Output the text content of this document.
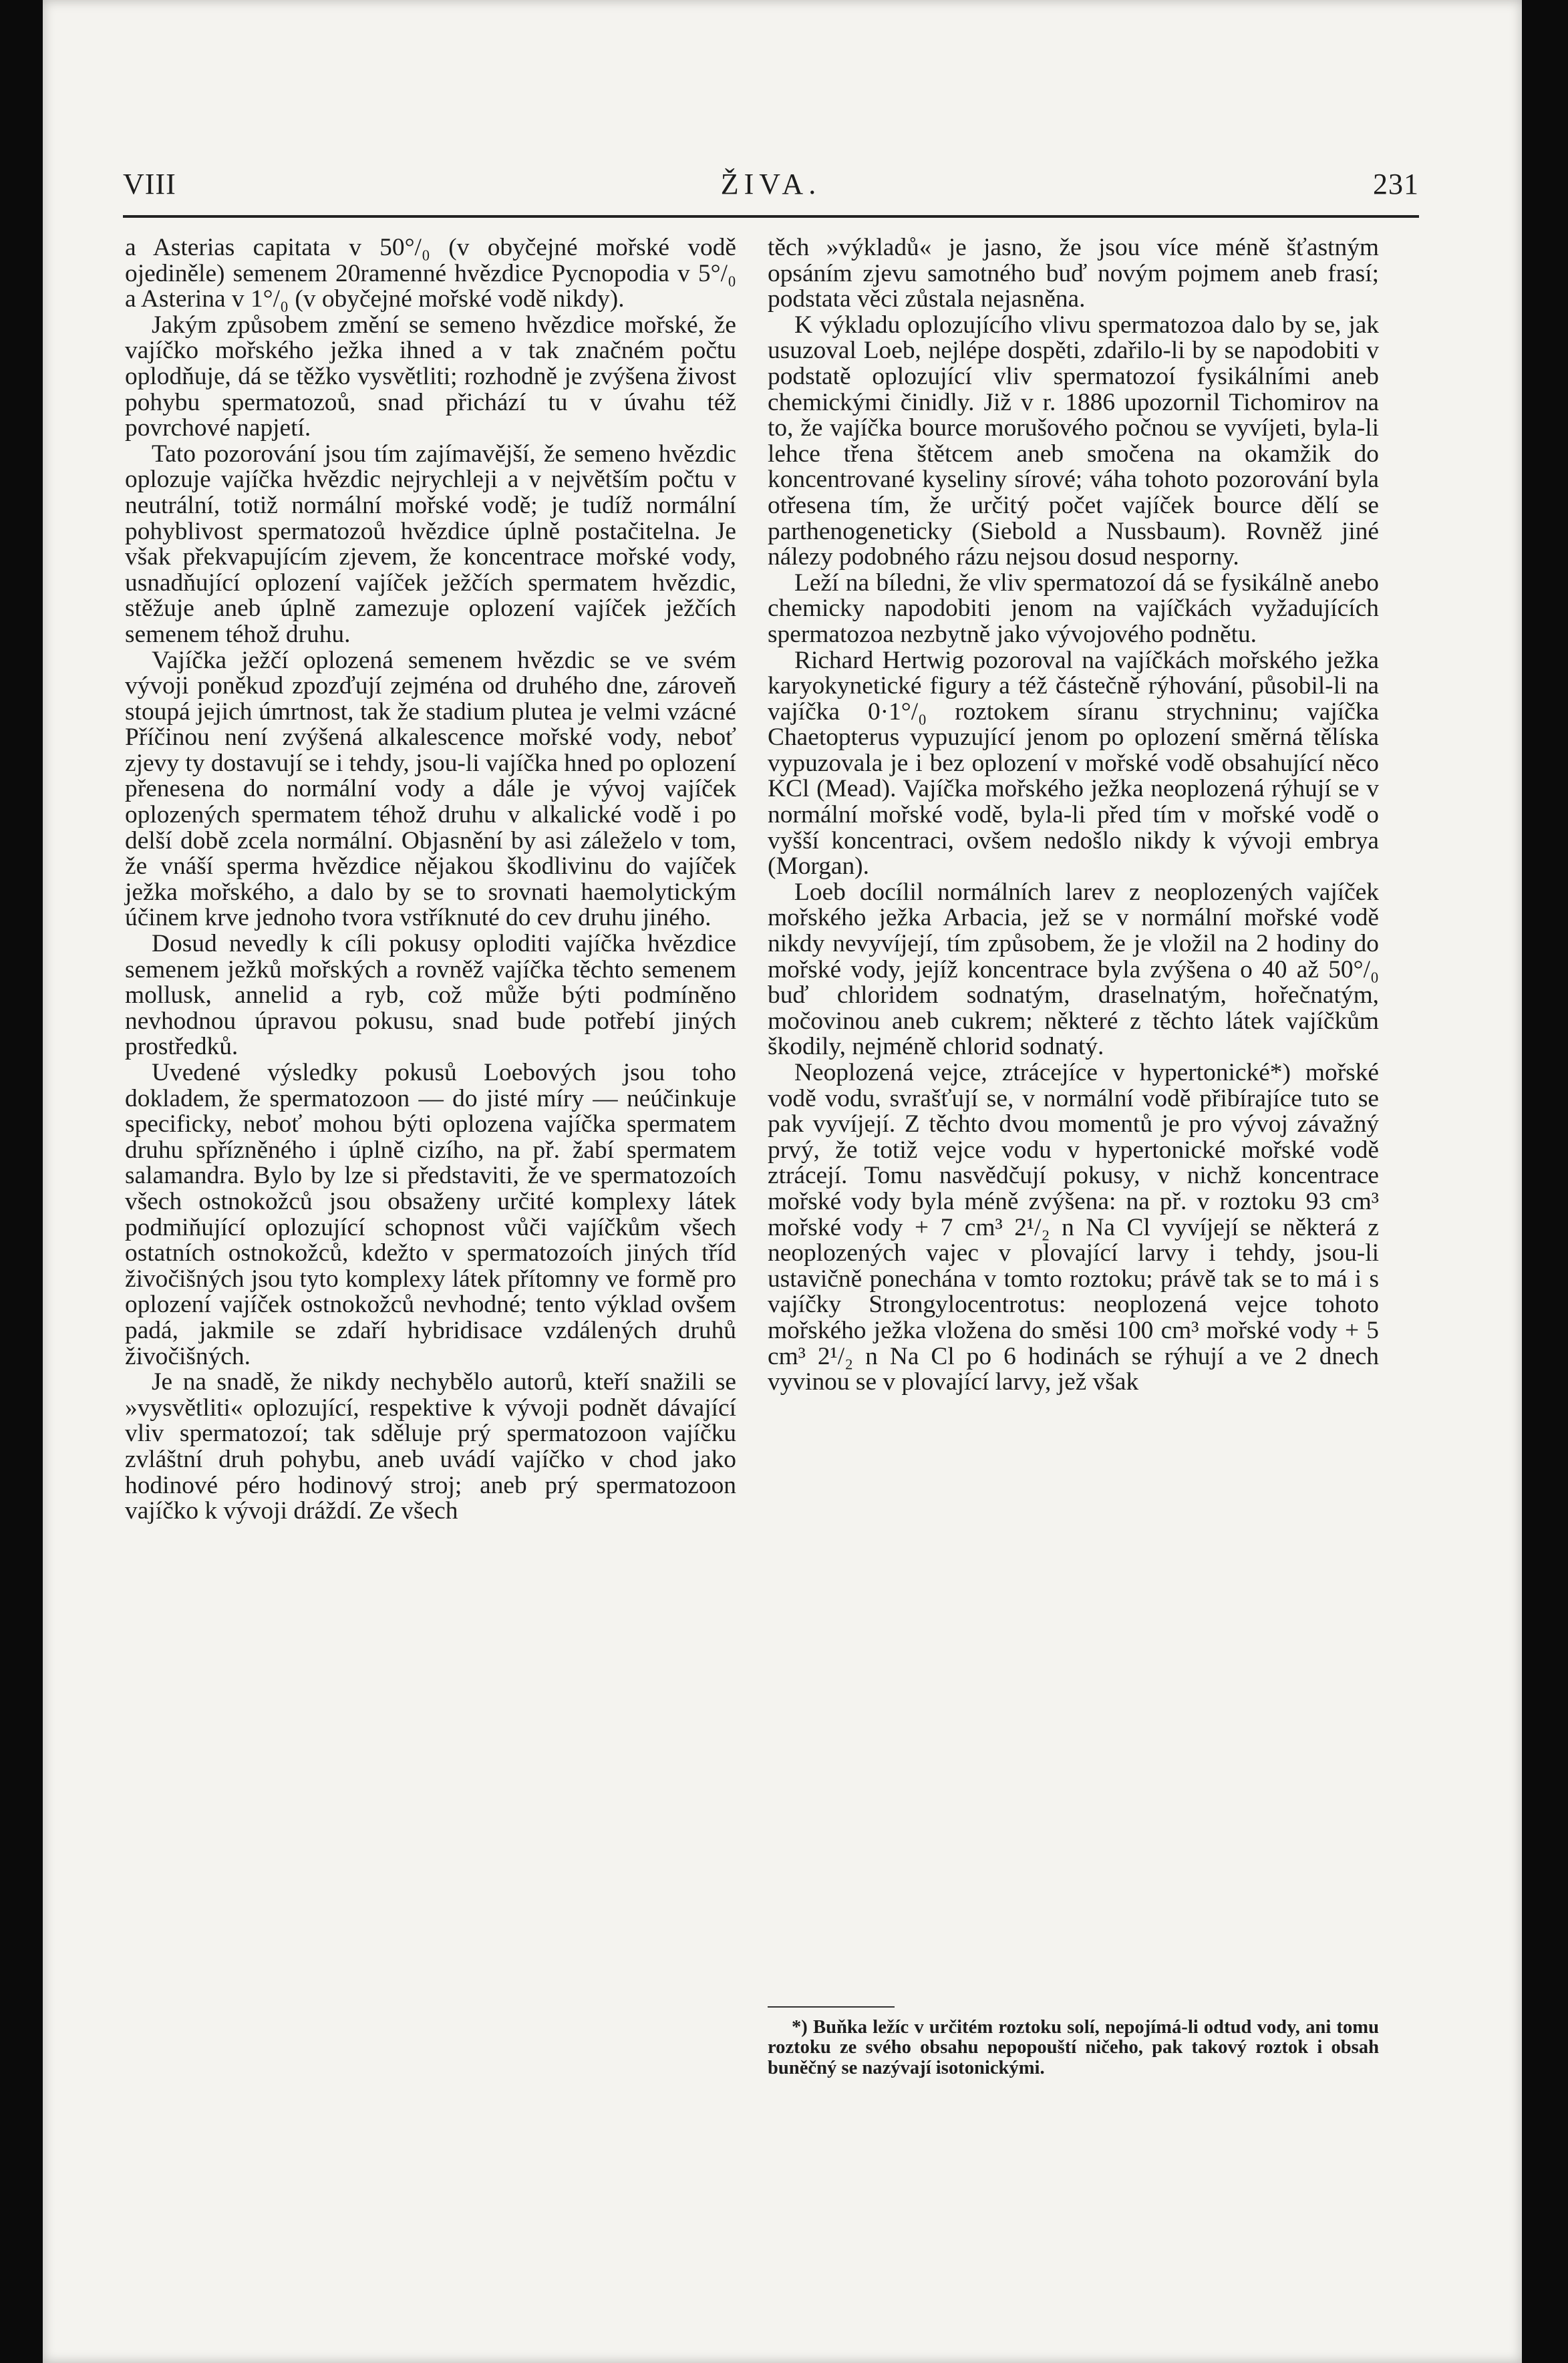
ŽIVA.
VIII	231

a Asterias capitata v 50°/₀ (v obyčejné mořské vodě ojediněle) semenem 20ramenné hvězdice Pycnopodia v 5°/₀ a Asterina v 1°/₀ (v obyčejné mořské vodě nikdy).

Jakým způsobem změní se semeno hvězdice mořské, že vajíčko mořského ježka ihned a v tak značném počtu oplodňuje, dá se těžko vysvětliti; rozhodně je zvýšena živost pohybu spermatozoů, snad přichází tu v úvahu též povrchové napjetí.

Tato pozorování jsou tím zajímavější, že semeno hvězdic oplozuje vajíčka hvězdic nejrychleji a v největším počtu v neutrální, totiž normální mořské vodě; je tudíž normální pohyblivost spermatozoů hvězdice úplně postačitelna. Je však překvapujícím zjevem, že koncentrace mořské vody, usnadňující oplození vajíček ježčích spermatem hvězdic, stěžuje aneb úplně zamezuje oplození vajíček ježčích semenem téhož druhu.

Vajíčka ježčí oplozená semenem hvězdic se ve svém vývoji poněkud zpozďují zejména od druhého dne, zároveň stoupá jejich úmrtnost, tak že stadium plutea je velmi vzácné Příčinou není zvýšená alkalescence mořské vody, neboť zjevy ty dostavují se i tehdy, jsou-li vajíčka hned po oplození přenesena do normální vody a dále je vývoj vajíček oplozených spermatem téhož druhu v alkalické vodě i po delší době zcela normální. Objasnění by asi záleželo v tom, že vnáší sperma hvězdice nějakou škodlivinu do vajíček ježka mořského, a dalo by se to srovnati haemolytickým účinem krve jednoho tvora vstříknuté do cev druhu jiného.

Dosud nevedly k cíli pokusy oploditi vajíčka hvězdice semenem ježků mořských a rovněž vajíčka těchto semenem mollusk, annelid a ryb, což může býti podmíněno nevhodnou úpravou pokusu, snad bude potřebí jiných prostředků.

Uvedené výsledky pokusů Loebových jsou toho dokladem, že spermatozoon — do jisté míry — neúčinkuje specificky, neboť mohou býti oplozena vajíčka spermatem druhu spřízněného i úplně cizího, na př. žabí spermatem salamandra. Bylo by lze si představiti, že ve spermatozoích všech ostnokožců jsou obsaženy určité komplexy látek podmiňující oplozující schopnost vůči vajíčkům všech ostatních ostnokožců, kdežto v spermatozoích jiných tříd živočišných jsou tyto komplexy látek přítomny ve formě pro oplození vajíček ostnokožců nevhodné; tento výklad ovšem padá, jakmile se zdaří hybridisace vzdálených druhů živočišných.

Je na snadě, že nikdy nechybělo autorů, kteří snažili se »vysvětliti« oplozující, respektive k vývoji podnět dávající vliv spermatozoí; tak sděluje prý spermatozoon vajíčku zvláštní druh pohybu, aneb uvádí vajíčko v chod jako hodinové péro hodinový stroj; aneb prý spermatozoon vajíčko k vývoji dráždí. Ze všech

těch »výkladů« je jasno, že jsou více méně šťastným opsáním zjevu samotného buď novým pojmem aneb frasí; podstata věci zůstala nejasněna.

K výkladu oplozujícího vlivu spermatozoa dalo by se, jak usuzoval Loeb, nejlépe dospěti, zdařilo-li by se napodobiti v podstatě oplozující vliv spermatozoí fysikálními aneb chemickými činidly. Již v r. 1886 upozornil Tichomirov na to, že vajíčka bource morušového počnou se vyvíjeti, byla-li lehce třena štětcem aneb smočena na okamžik do koncentrované kyseliny sírové; váha tohoto pozorování byla otřesena tím, že určitý počet vajíček bource dělí se parthenogeneticky (Siebold a Nussbaum). Rovněž jiné nálezy podobného rázu nejsou dosud nesporny.

Leží na bíledni, že vliv spermatozoí dá se fysikálně anebo chemicky napodobiti jenom na vajíčkách vyžadujících spermatozoa nezbytně jako vývojového podnětu.

Richard Hertwig pozoroval na vajíčkách mořského ježka karyokynetické figury a též částečně rýhování, působil-li na vajíčka 0·1°/₀ roztokem síranu strychninu; vajíčka Chaetopterus vypuzující jenom po oplození směrná tělíska vypuzovala je i bez oplození v mořské vodě obsahující něco KCl (Mead). Vajíčka mořského ježka neoplozená rýhují se v normální mořské vodě, byla-li před tím v mořské vodě o vyšší koncentraci, ovšem nedošlo nikdy k vývoji embrya (Morgan).

Loeb docílil normálních larev z neoplozených vajíček mořského ježka Arbacia, jež se v normální mořské vodě nikdy nevyvíjejí, tím způsobem, že je vložil na 2 hodiny do mořské vody, jejíž koncentrace byla zvýšena o 40 až 50°/₀ buď chloridem sodnatým, draselnatým, hořečnatým, močovinou aneb cukrem; některé z těchto látek vajíčkům škodily, nejméně chlorid sodnatý.

Neoplozená vejce, ztrácejíce v hypertonické*) mořské vodě vodu, svrašťují se, v normální vodě přibírajíce tuto se pak vyvíjejí. Z těchto dvou momentů je pro vývoj závažný prvý, že totiž vejce vodu v hypertonické mořské vodě ztrácejí. Tomu nasvědčují pokusy, v nichž koncentrace mořské vody byla méně zvýšena: na př. v roztoku 93 cm³ mořské vody + 7 cm³ 2¹/₂ n Na Cl vyvíjejí se některá z neoplozených vajec v plovající larvy i tehdy, jsou-li ustavičně ponechána v tomto roztoku; právě tak se to má i s vajíčky Strongylocentrotus: neoplozená vejce tohoto mořského ježka vložena do směsi 100 cm³ mořské vody + 5 cm³ 2¹/₂ n Na Cl po 6 hodinách se rýhují a ve 2 dnech vyvinou se v plovající larvy, jež však

*) Buňka ležíc v určitém roztoku solí, nepojímá-li odtud vody, ani tomu roztoku ze svého obsahu nepopouští ničeho, pak takový roztok i obsah buněčný se nazývají isotonickými.
